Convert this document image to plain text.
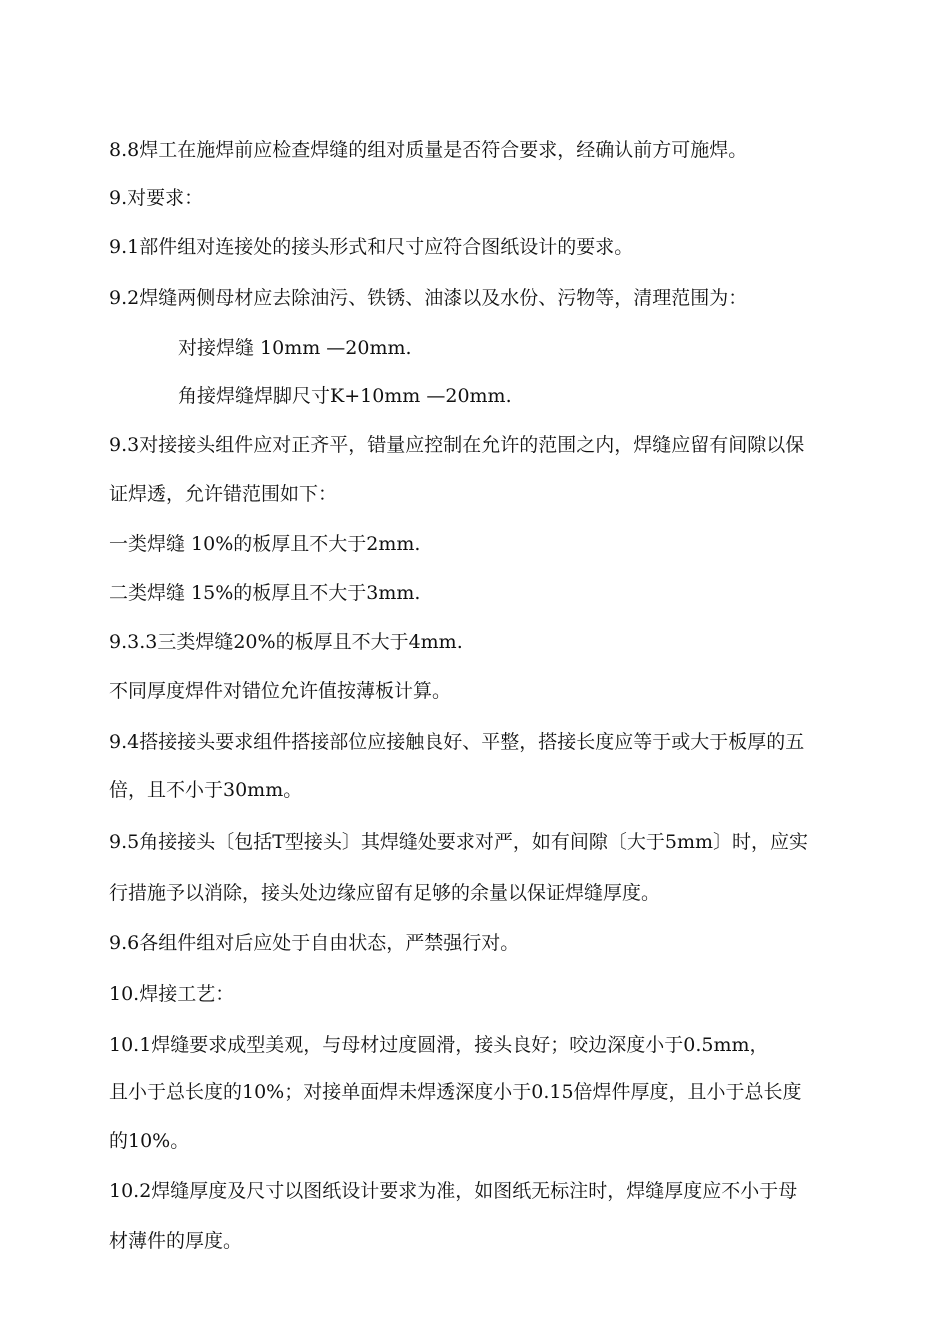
8.8焊工在施焊前应检查焊缝的组对质量是否符合要求，经确认前方可施焊。
9.对要求：
9.1部件组对连接处的接头形式和尺寸应符合图纸设计的要求。
9.2焊缝两侧母材应去除油污、铁锈、油漆以及水份、污物等，清理范围为：
对接焊缝 10mm —20mm.
角接焊缝焊脚尺寸K+10mm —20mm.
9.3对接接头组件应对正齐平，错量应控制在允许的范围之内，焊缝应留有间隙以保
证焊透，允许错范围如下：
一类焊缝 10%的板厚且不大于2mm.
二类焊缝 15%的板厚且不大于3mm.
9.3.3三类焊缝20%的板厚且不大于4mm.
不同厚度焊件对错位允许值按薄板计算。
9.4搭接接头要求组件搭接部位应接触良好、平整，搭接长度应等于或大于板厚的五
倍，且不小于30mm。
9.5角接接头〔包括T型接头〕其焊缝处要求对严，如有间隙〔大于5mm〕时，应实
行措施予以消除，接头处边缘应留有足够的余量以保证焊缝厚度。
9.6各组件组对后应处于自由状态，严禁强行对。
10.焊接工艺：
10.1焊缝要求成型美观，与母材过度圆滑，接头良好；咬边深度小于0.5mm，
且小于总长度的10%；对接单面焊未焊透深度小于0.15倍焊件厚度，且小于总长度
的10%。
10.2焊缝厚度及尺寸以图纸设计要求为准，如图纸无标注时，焊缝厚度应不小于母
材薄件的厚度。
